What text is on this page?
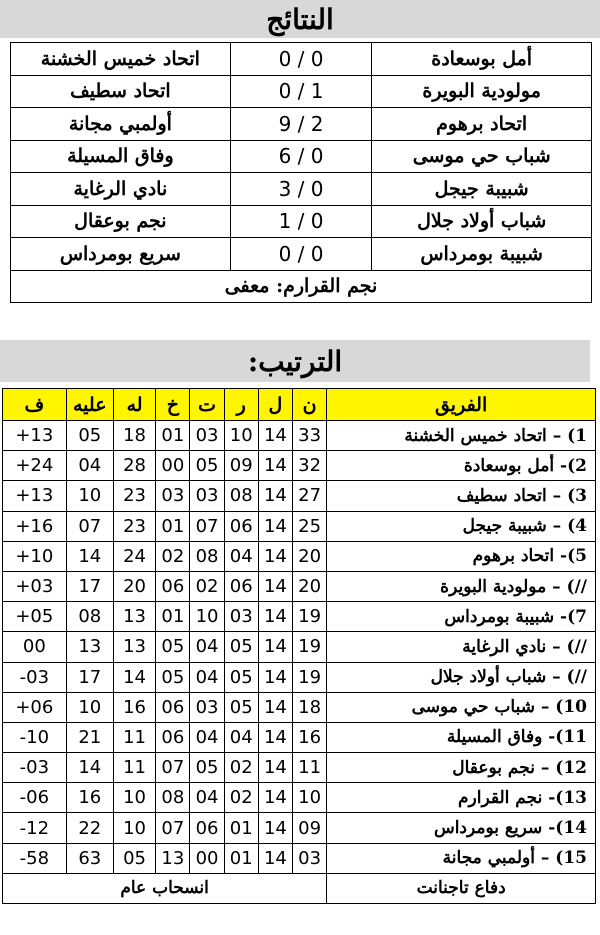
النتائج
أمل بوسعادة	0 / 0	اتحاد خميس الخشنة
مولودية البويرة	0 / 1	اتحاد سطيف
اتحاد برهوم	9 / 2	أولمبي مجانة
شباب حي موسى	6 / 0	وفاق المسيلة
شبيبة جيجل	3 / 0	نادي الرغاية
شباب أولاد جلال	1 / 0	نجم بوعقال
شبيبة بومرداس	0 / 0	سريع بومرداس
نجم القرارم: معفى		
الترتيب:
الفريق	ن	ل	ر	ت	خ	له	عليه	ف
1) – اتحاد خميس الخشنة	33	14	10	03	01	18	05	+13
2)- أمل بوسعادة	32	14	09	05	00	28	04	+24
3) – اتحاد سطيف	27	14	08	03	03	23	10	+13
4) – شبيبة جيجل	25	14	06	07	01	23	07	+16
5)- اتحاد برهوم	20	14	04	08	02	24	14	+10
//) – مولودية البويرة	20	14	06	02	06	20	17	+03
7)- شبيبة بومرداس	19	14	03	10	01	13	08	+05
//) – نادي الرغاية	19	14	05	04	05	13	13	00
//) – شباب أولاد جلال	19	14	05	04	05	14	17	-03
10) – شباب حي موسى	18	14	05	03	06	16	10	+06
11)- وفاق المسيلة	16	14	04	04	06	11	21	-10
12) – نجم بوعقال	11	14	02	05	07	11	14	-03
13)- نجم القرارم	10	14	02	04	08	10	16	-06
14)- سريع بومرداس	09	14	01	06	07	10	22	-12
15) – أولمبي مجانة	03	14	01	00	13	05	63	-58
دفاع تاجنانت	انسحاب عام							
